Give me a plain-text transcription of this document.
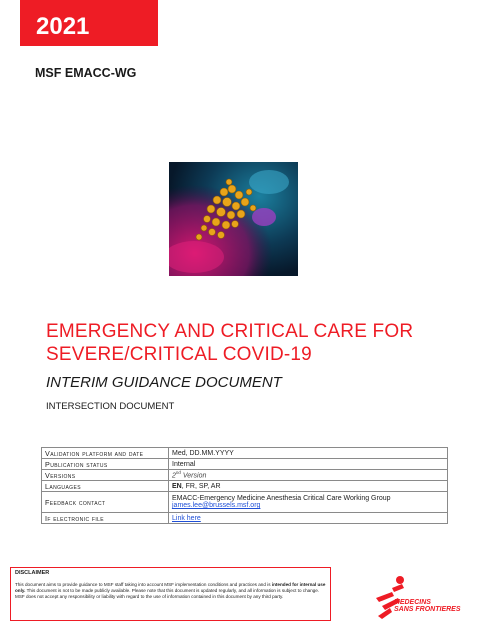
2021
MSF EMACC-WG
EMERGENCY AND CRITICAL CARE FOR
SEVERE/CRITICAL COVID-19
INTERIM GUIDANCE DOCUMENT
INTERSECTION DOCUMENT
Validation platform and date	Med, DD.MM.YYYY
Publication status	Internal
Versions	2nd Version
Languages	EN, FR, SP, AR
Feedback contact	EMACC-Emergency Medicine Anesthesia Critical Care Working Group
james.lee@brussels.msf.org

If electronic file	Link here
DISCLAIMER
This document aims to provide guidance to MSF staff taking into account MSF implementation conditions and practices and is intended for internal use only. This document is not to be made publicly available. Please note that this document is updated regularly, and all information is subject to change. MSF does not accept any responsibility or liability with regard to the use of information contained in this document by any third party.
MEDECINS
SANS FRONTIERES
